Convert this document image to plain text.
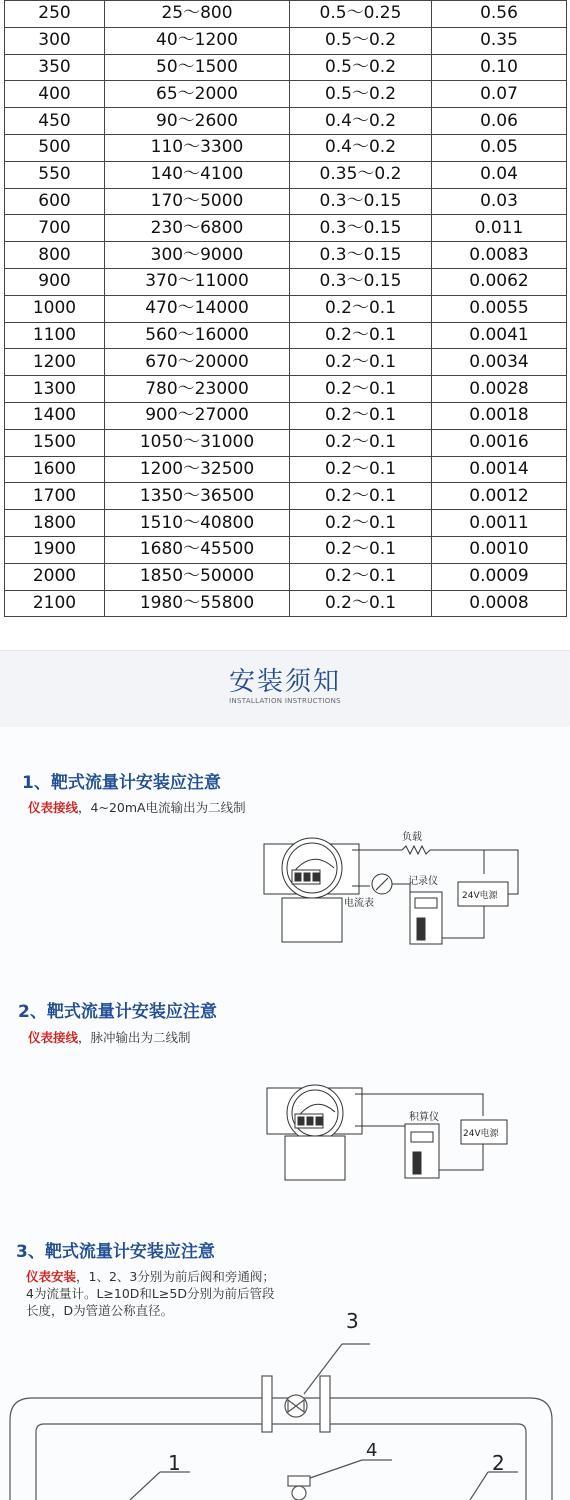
250	25～800	0.5～0.25	0.56
300	40～1200	0.5～0.2	0.35
350	50～1500	0.5～0.2	0.10
400	65～2000	0.5～0.2	0.07
450	90～2600	0.4～0.2	0.06
500	110～3300	0.4～0.2	0.05
550	140～4100	0.35～0.2	0.04
600	170～5000	0.3～0.15	0.03
700	230～6800	0.3～0.15	0.011
800	300～9000	0.3～0.15	0.0083
900	370～11000	0.3～0.15	0.0062
1000	470～14000	0.2～0.1	0.0055
1100	560～16000	0.2～0.1	0.0041
1200	670～20000	0.2～0.1	0.0034
1300	780～23000	0.2～0.1	0.0028
1400	900～27000	0.2～0.1	0.0018
1500	1050～31000	0.2～0.1	0.0016
1600	1200～32500	0.2～0.1	0.0014
1700	1350～36500	0.2～0.1	0.0012
1800	1510～40800	0.2～0.1	0.0011
1900	1680～45500	0.2～0.1	0.0010
2000	1850～50000	0.2～0.1	0.0009
2100	1980～55800	0.2～0.1	0.0008
安装须知
INSTALLATION INSTRUCTIONS
1、靶式流量计安装应注意
仪表接线，4~20mA电流输出为二线制
负载
记录仪
电流表
24V电源
2、靶式流量计安装应注意
仪表接线，脉冲输出为二线制
积算仪
24V电源
3、靶式流量计安装应注意
仪表安装，1、2、3分别为前后阀和旁通阀；4为流量计。L≥10D和L≥5D分别为前后管段长度，D为管道公称直径。	3
4
1	2
